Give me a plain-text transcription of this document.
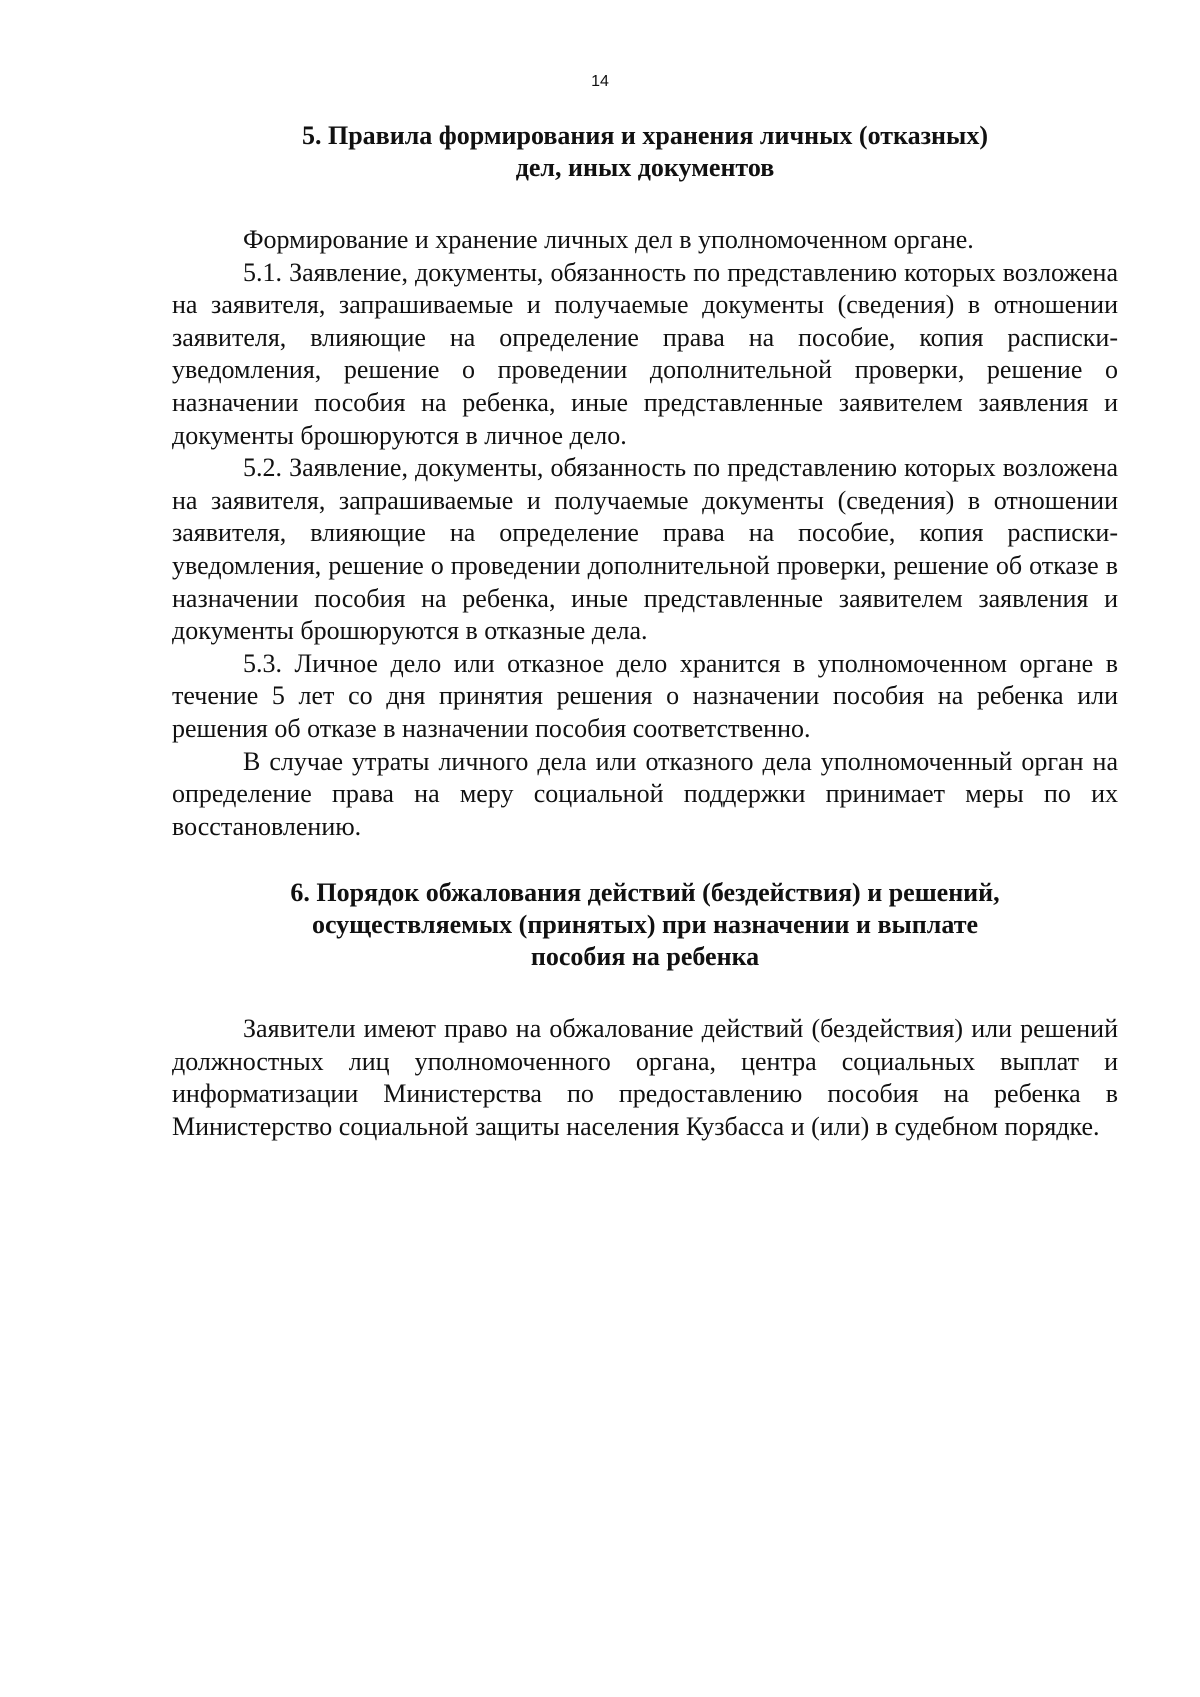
14
5. Правила формирования и хранения личных (отказных)
дел, иных документов

Формирование и хранение личных дел в уполномоченном органе.

5.1. Заявление, документы, обязанность по представлению которых возложена на заявителя, запрашиваемые и получаемые документы (сведения) в отношении заявителя, влияющие на определение права на пособие, копия расписки-уведомления, решение о проведении дополнительной проверки, решение о назначении пособия на ребенка, иные представленные заявителем заявления и документы брошюруются в личное дело.

5.2. Заявление, документы, обязанность по представлению которых возложена на заявителя, запрашиваемые и получаемые документы (сведения) в отношении заявителя, влияющие на определение права на пособие, копия расписки-уведомления, решение о проведении дополнительной проверки, решение об отказе в назначении пособия на ребенка, иные представленные заявителем заявления и документы брошюруются в отказные дела.

5.3. Личное дело или отказное дело хранится в уполномоченном органе в течение 5 лет со дня принятия решения о назначении пособия на ребенка или решения об отказе в назначении пособия соответственно.

В случае утраты личного дела или отказного дела уполномоченный орган на определение права на меру социальной поддержки принимает меры по их восстановлению.

6. Порядок обжалования действий (бездействия) и решений,
осуществляемых (принятых) при назначении и выплате
пособия на ребенка

Заявители имеют право на обжалование действий (бездействия) или решений должностных лиц уполномоченного органа, центра социальных выплат и информатизации Министерства по предоставлению пособия на ребенка в Министерство социальной защиты населения Кузбасса и (или) в судебном порядке.
